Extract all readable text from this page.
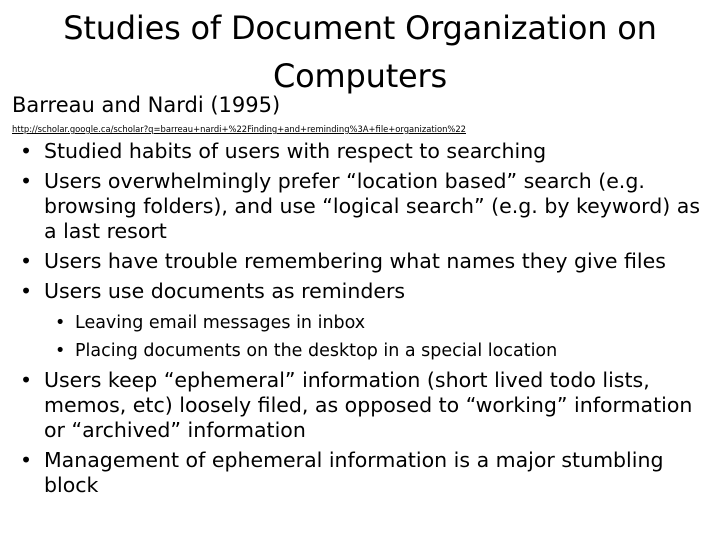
Studies of Document Organization on Computers
Barreau and Nardi (1995)
http://scholar.google.ca/scholar?q=barreau+nardi+%22Finding+and+reminding%3A+file+organization%22
• Studied habits of users with respect to searching
• Users overwhelmingly prefer “location based” search (e.g. browsing folders), and use “logical search” (e.g. by keyword) as a last resort
• Users have trouble remembering what names they give files
• Users use documents as reminders
• Leaving email messages in inbox
• Placing documents on the desktop in a special location
• Users keep “ephemeral” information (short lived todo lists, memos, etc) loosely filed, as opposed to “working” information or “archived” information
• Management of ephemeral information is a major stumbling block
